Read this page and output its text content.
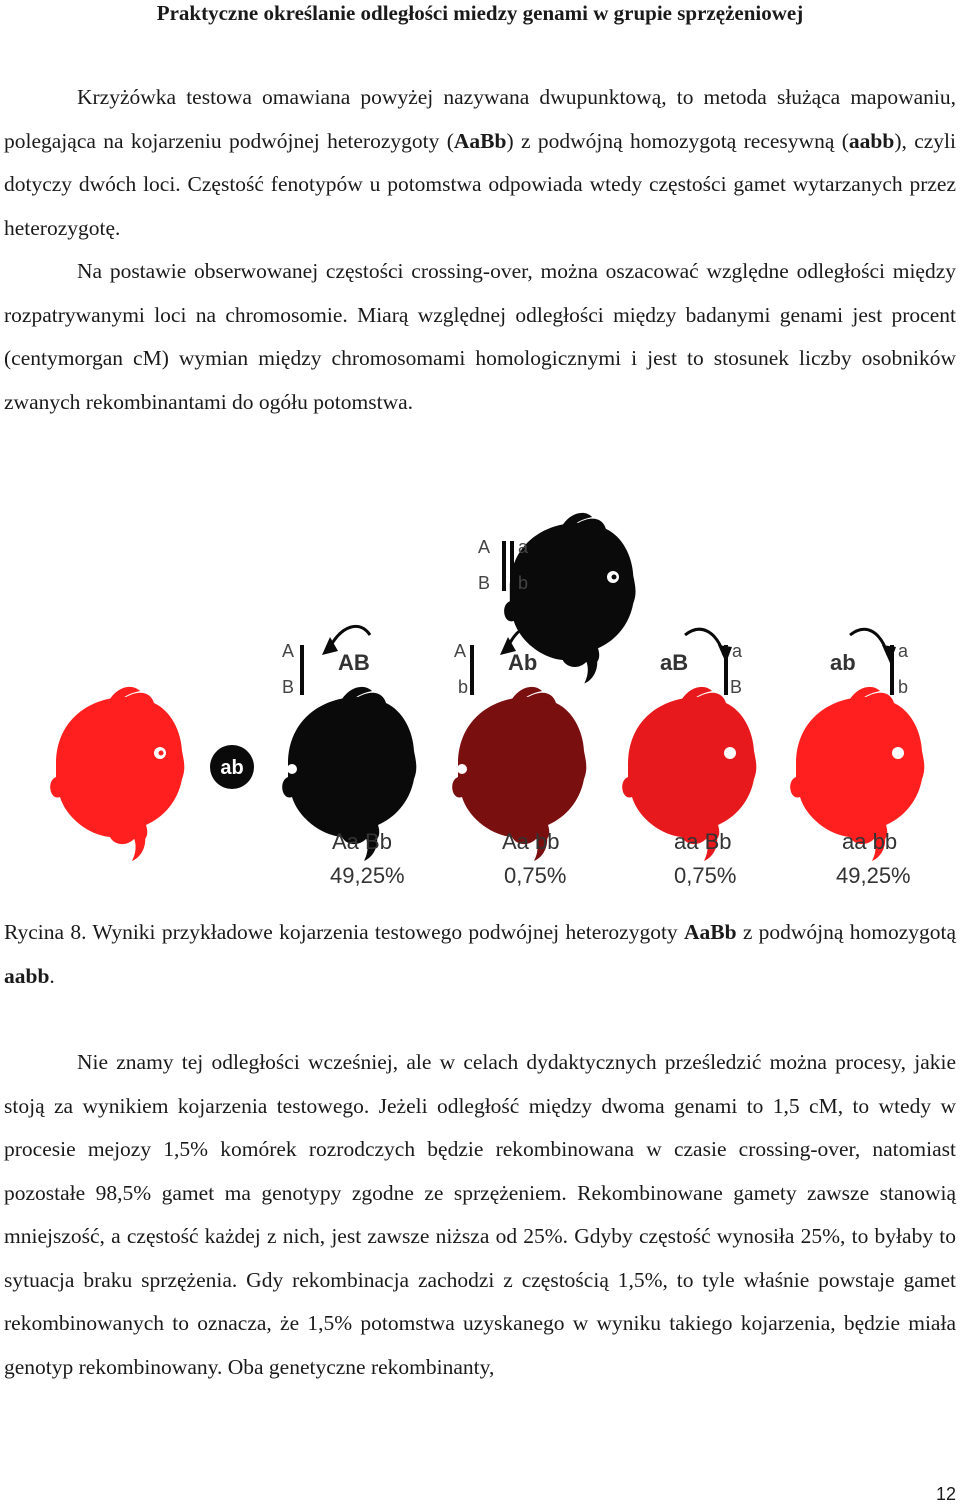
Praktyczne określanie odległości miedzy genami w grupie sprzężeniowej

Krzyżówka testowa omawiana powyżej nazywana dwupunktową, to metoda służąca mapowaniu, polegająca na kojarzeniu podwójnej heterozygoty (AaBb) z podwójną homozygotą recesywną (aabb), czyli dotyczy dwóch loci. Częstość fenotypów u potomstwa odpowiada wtedy częstości gamet wytarzanych przez heterozygotę.

Na postawie obserwowanej częstości crossing-over, można oszacować względne odległości między rozpatrywanymi loci na chromosomie. Miarą względnej odległości między badanymi genami jest procent (centymorgan cM) wymian między chromosomami homologicznymi i jest to stosunek liczby osobników zwanych rekombinantami do ogółu potomstwa.

A
B
a
b
ab
A
B
AB	A
b
Ab	a
B
aB	a
b
ab
Aa Bb
49,25%
Aa bb
0,75%
aa Bb
0,75%
aa bb
49,25%

Rycina 8. Wyniki przykładowe kojarzenia testowego podwójnej heterozygoty AaBb z podwójną homozygotą aabb.

Nie znamy tej odległości wcześniej, ale w celach dydaktycznych prześledzić można procesy, jakie stoją za wynikiem kojarzenia testowego. Jeżeli odległość między dwoma genami to 1,5 cM, to wtedy w procesie mejozy 1,5% komórek rozrodczych będzie rekombinowana w czasie crossing-over, natomiast pozostałe 98,5% gamet ma genotypy zgodne ze sprzężeniem. Rekombinowane gamety zawsze stanowią mniejszość, a częstość każdej z nich, jest zawsze niższa od 25%. Gdyby częstość wynosiła 25%, to byłaby to sytuacja braku sprzężenia. Gdy rekombinacja zachodzi z częstością 1,5%, to tyle właśnie powstaje gamet rekombinowanych to oznacza, że 1,5% potomstwa uzyskanego w wyniku takiego kojarzenia, będzie miała genotyp rekombinowany. Oba genetyczne rekombinanty,

12
